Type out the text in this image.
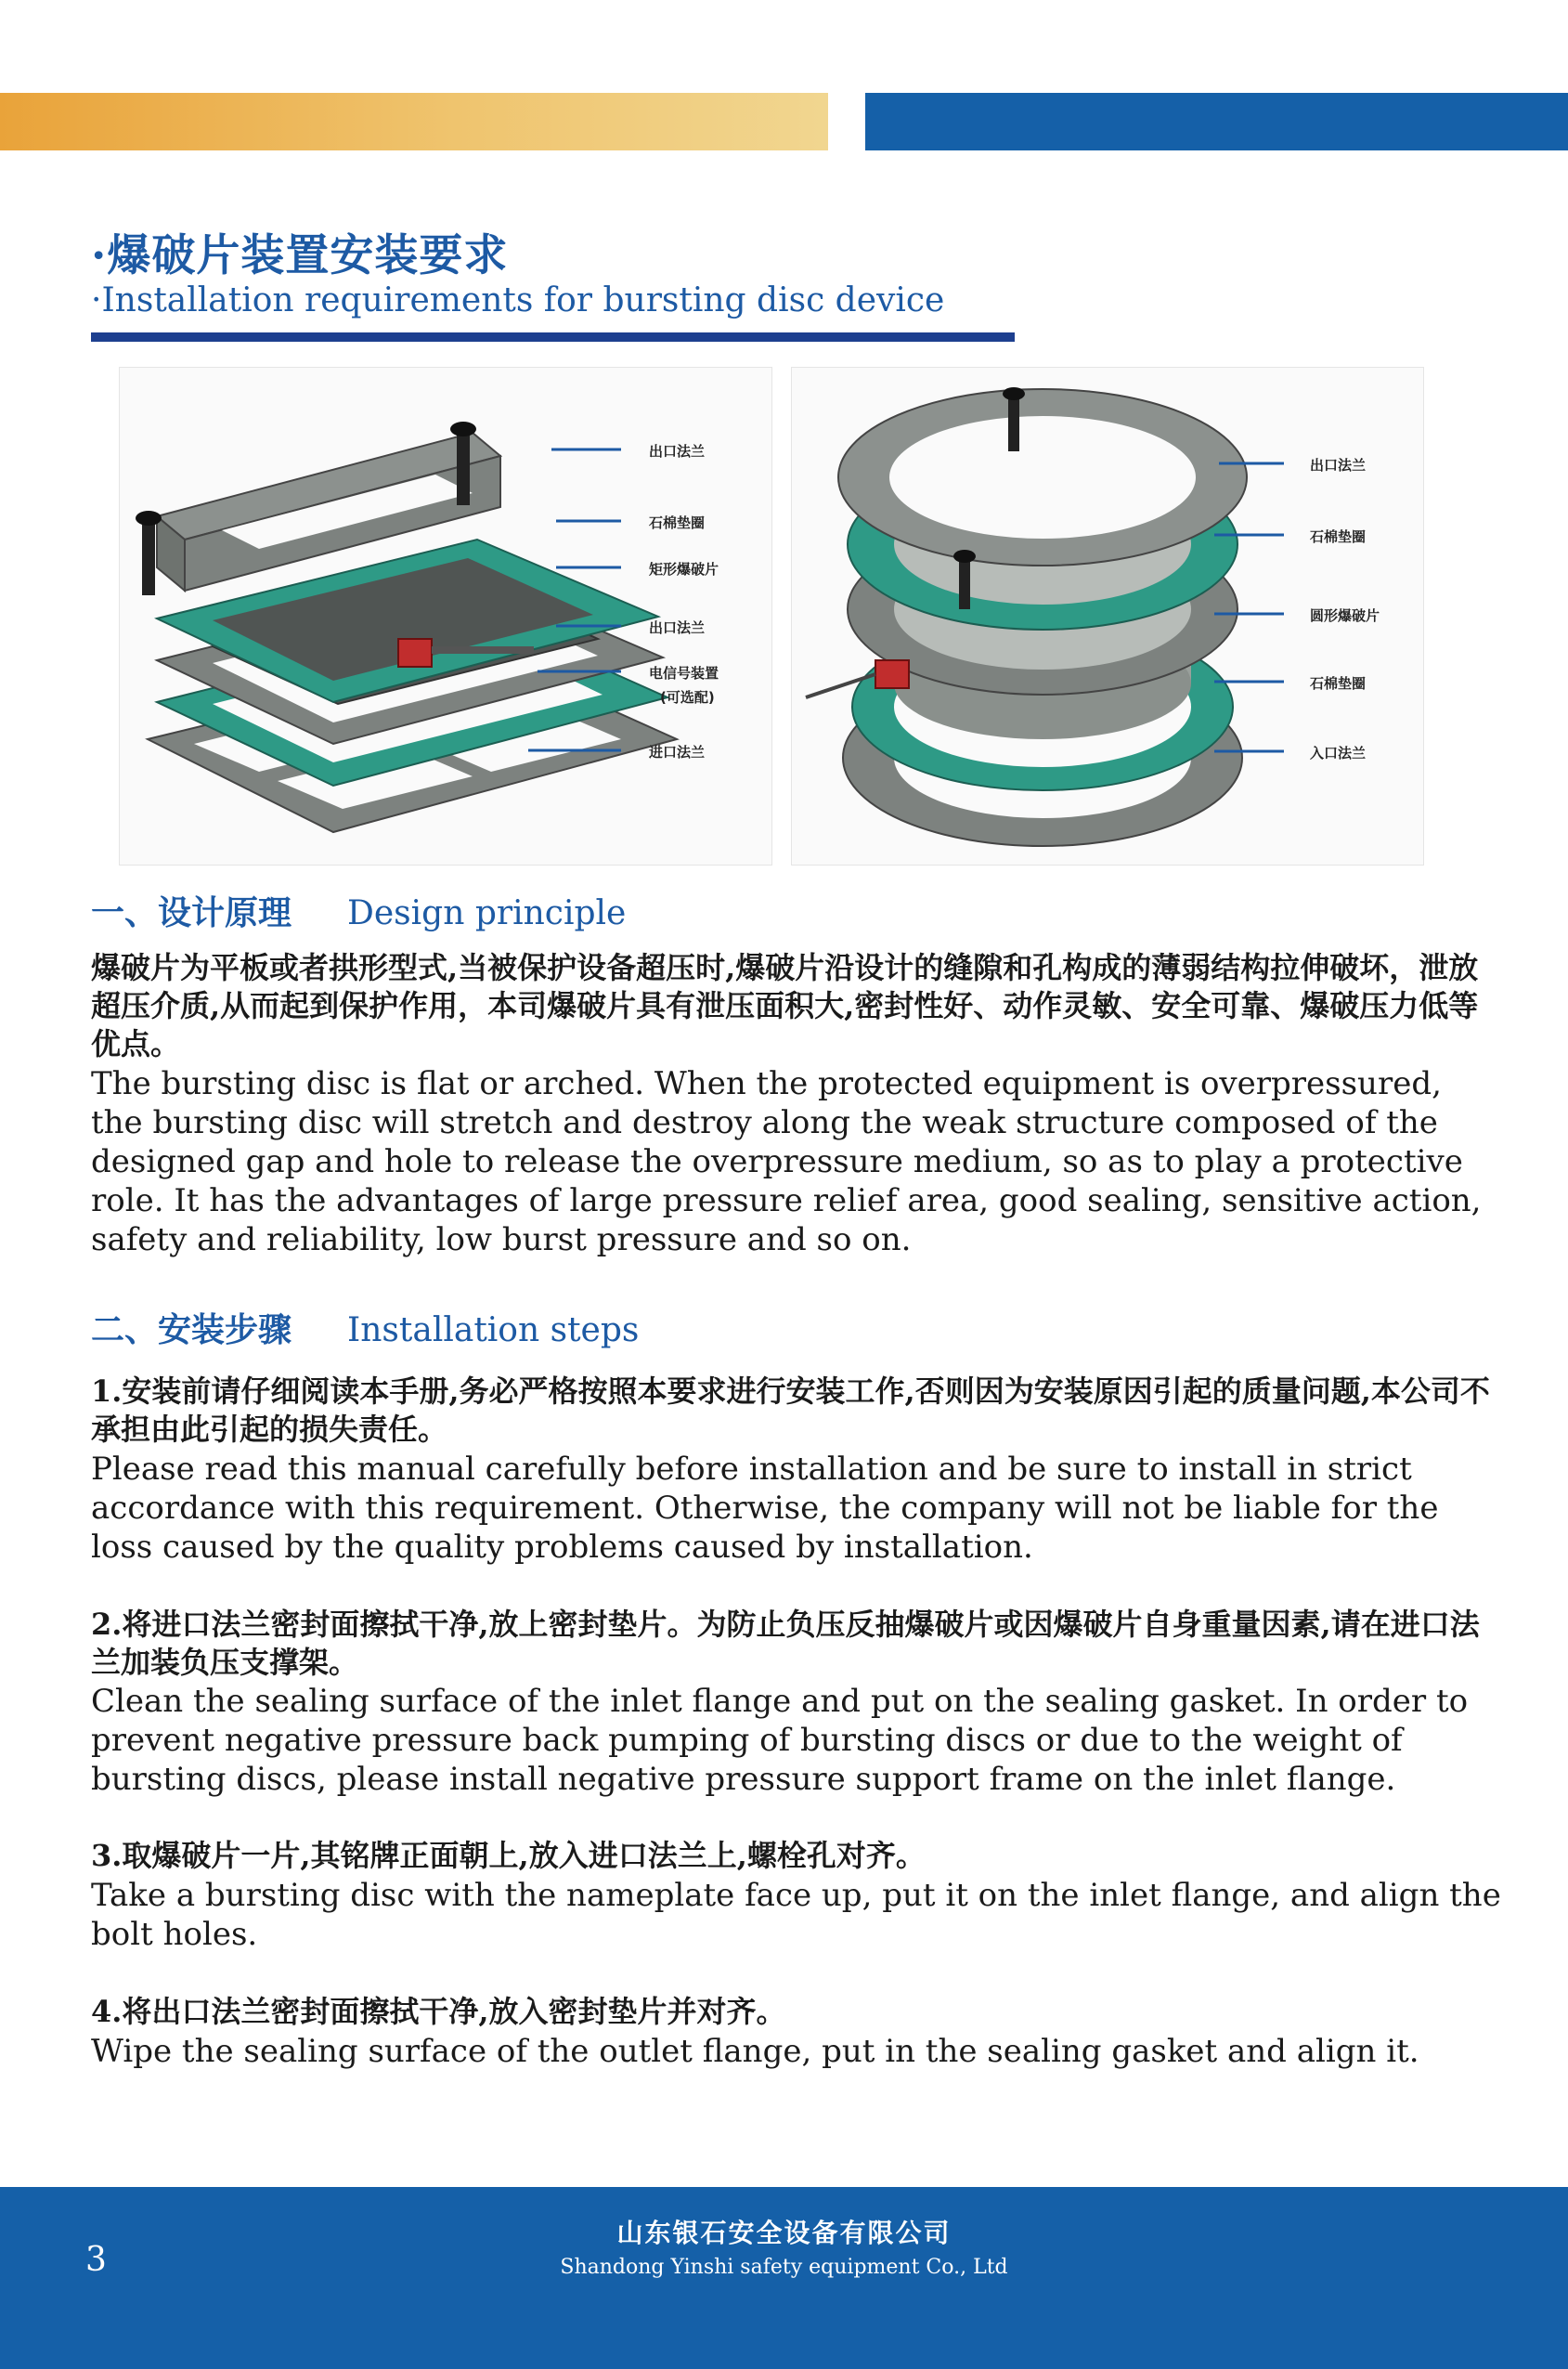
·爆破片装置安装要求
·Installation requirements for bursting disc device
出口法兰
石棉垫圈
矩形爆破片
出口法兰
电信号装置
(可选配)
进口法兰
出口法兰
石棉垫圈
圆形爆破片
石棉垫圈
入口法兰
一、设计原理 Design principle
爆破片为平板或者拱形型式,当被保护设备超压时,爆破片沿设计的缝隙和孔构成的薄弱结构拉伸破坏，泄放超压介质,从而起到保护作用，本司爆破片具有泄压面积大,密封性好、动作灵敏、安全可靠、爆破压力低等优点。
The bursting disc is flat or arched. When the protected equipment is overpressured, the bursting disc will stretch and destroy along the weak structure composed of the designed gap and hole to release the overpressure medium, so as to play a protective role. It has the advantages of large pressure relief area, good sealing, sensitive action, safety and reliability, low burst pressure and so on.
二、安装步骤 Installation steps
1.安装前请仔细阅读本手册,务必严格按照本要求进行安装工作,否则因为安装原因引起的质量问题,本公司不承担由此引起的损失责任。
Please read this manual carefully before installation and be sure to install in strict accordance with this requirement. Otherwise, the company will not be liable for the loss caused by the quality problems caused by installation.
2.将进口法兰密封面擦拭干净,放上密封垫片。为防止负压反抽爆破片或因爆破片自身重量因素,请在进口法兰加装负压支撑架。
Clean the sealing surface of the inlet flange and put on the sealing gasket. In order to prevent negative pressure back pumping of bursting discs or due to the weight of bursting discs, please install negative pressure support frame on the inlet flange.
3.取爆破片一片,其铭牌正面朝上,放入进口法兰上,螺栓孔对齐。
Take a bursting disc with the nameplate face up, put it on the inlet flange, and align the bolt holes.
4.将出口法兰密封面擦拭干净,放入密封垫片并对齐。
Wipe the sealing surface of the outlet flange, put in the sealing gasket and align it.
山东银石安全设备有限公司
Shandong Yinshi safety equipment Co., Ltd
3
